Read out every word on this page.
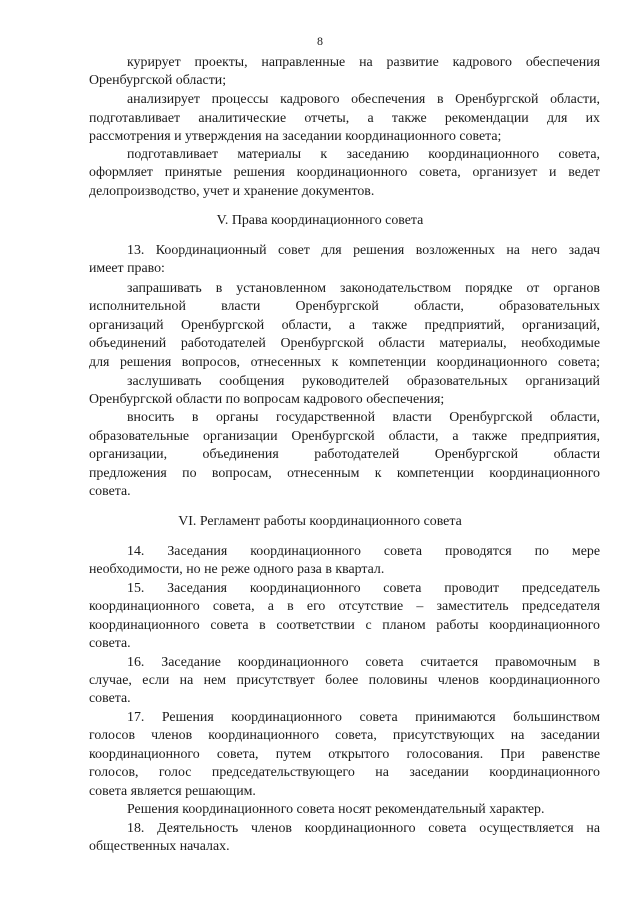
8
курирует проекты, направленные на развитие кадрового обеспечения
Оренбургской области;
анализирует процессы кадрового обеспечения в Оренбургской области,
подготавливает аналитические отчеты, а также рекомендации для их
рассмотрения и утверждения на заседании координационного совета;
подготавливает материалы к заседанию координационного совета,
оформляет принятые решения координационного совета, организует и ведет
делопроизводство, учет и хранение документов.
V. Права координационного совета
13. Координационный совет для решения возложенных на него задач
имеет право:
запрашивать в установленном законодательством порядке от органов
исполнительной власти Оренбургской области, образовательных
организаций Оренбургской области, а также предприятий, организаций,
объединений работодателей Оренбургской области материалы, необходимые
для решения вопросов, отнесенных к компетенции координационного совета;
заслушивать сообщения руководителей образовательных организаций
Оренбургской области по вопросам кадрового обеспечения;
вносить в органы государственной власти Оренбургской области,
образовательные организации Оренбургской области, а также предприятия,
организации, объединения работодателей Оренбургской области
предложения по вопросам, отнесенным к компетенции координационного
совета.
VI. Регламент работы координационного совета
14. Заседания координационного совета проводятся по мере
необходимости, но не реже одного раза в квартал.
15. Заседания координационного совета проводит председатель
координационного совета, а в его отсутствие – заместитель председателя
координационного совета в соответствии с планом работы координационного
совета.
16. Заседание координационного совета считается правомочным в
случае, если на нем присутствует более половины членов координационного
совета.
17. Решения координационного совета принимаются большинством
голосов членов координационного совета, присутствующих на заседании
координационного совета, путем открытого голосования. При равенстве
голосов, голос председательствующего на заседании координационного
совета является решающим.
Решения координационного совета носят рекомендательный характер.
18. Деятельность членов координационного совета осуществляется на
общественных началах.
